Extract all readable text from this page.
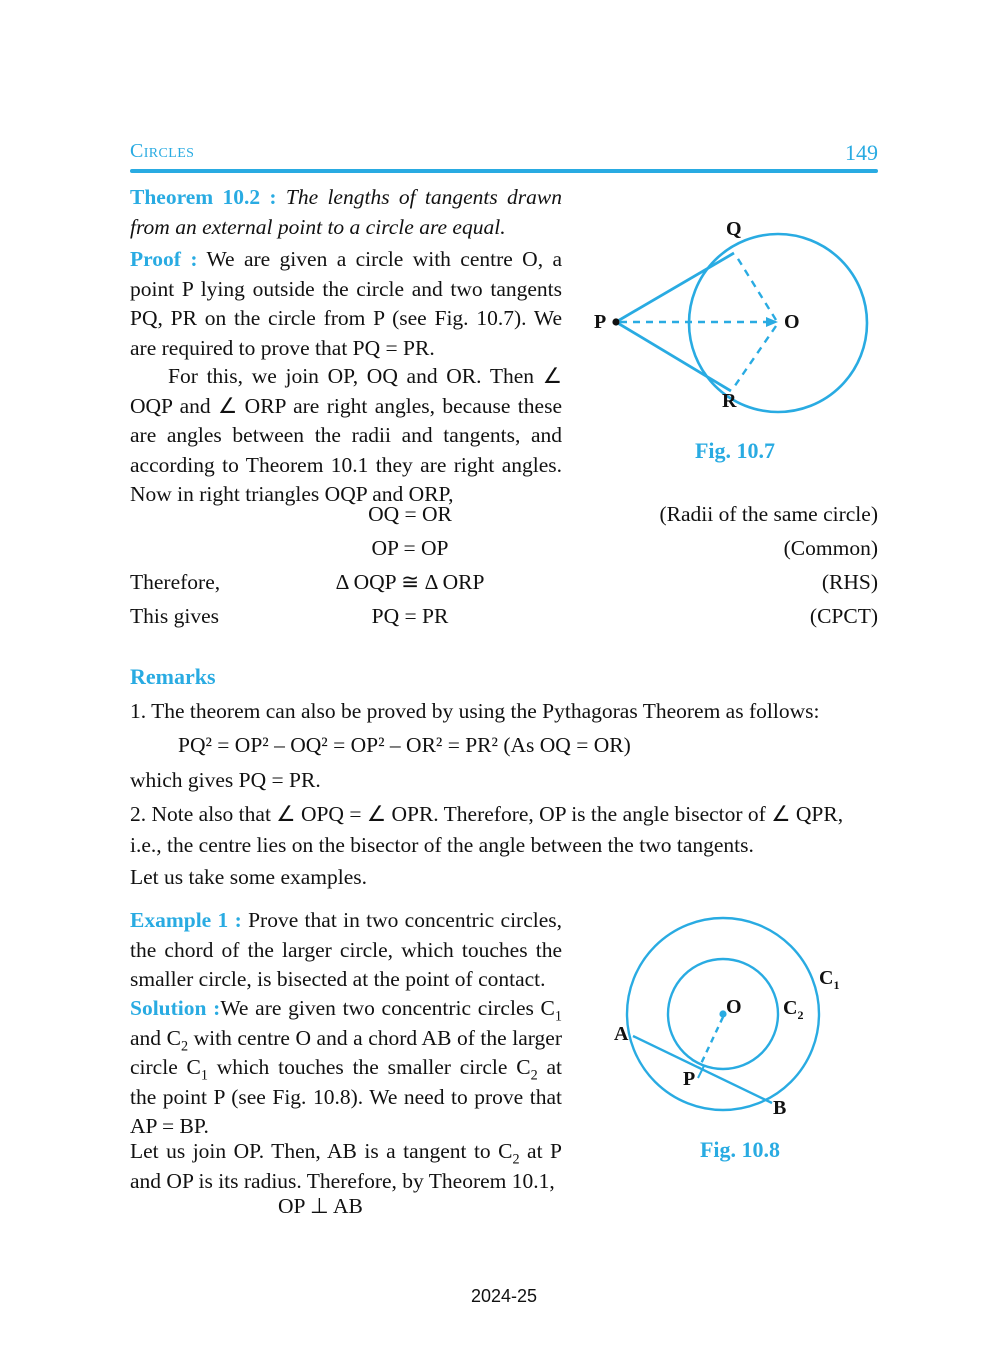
Circles	149
Theorem 10.2 : The lengths of tangents drawn from an external point to a circle are equal.
Proof : We are given a circle with centre O, a point P lying outside the circle and two tangents PQ, PR on the circle from P (see Fig. 10.7). We are required to prove that PQ = PR.
For this, we join OP, OQ and OR. Then ∠ OQP and ∠ ORP are right angles, because these are angles between the radii and tangents, and according to Theorem 10.1 they are right angles. Now in right triangles OQP and ORP,
OQ = OR	(Radii of the same circle)
OP = OP	(Common)
Therefore,	Δ OQP ≅ Δ ORP	(RHS)
This gives	PQ = PR	(CPCT)
Remarks
1. The theorem can also be proved by using the Pythagoras Theorem as follows:
PQ² = OP² – OQ² = OP² – OR² = PR² (As OQ = OR)
which gives PQ = PR.
2. Note also that ∠ OPQ = ∠ OPR. Therefore, OP is the angle bisector of ∠ QPR, i.e., the centre lies on the bisector of the angle between the two tangents.
Let us take some examples.
Example 1 : Prove that in two concentric circles, the chord of the larger circle, which touches the smaller circle, is bisected at the point of contact.
Solution :We are given two concentric circles $C_1$ and $C_2$ with centre O and a chord AB of the larger circle $C_1$ which touches the smaller circle $C_2$ at the point P (see Fig. 10.8). We need to prove that AP = BP.
Let us join OP. Then, AB is a tangent to $C_2$ at P and OP is its radius. Therefore, by Theorem 10.1,
OP ⊥ AB
P
Q
R
O
Fig. 10.7
A
B
P
O
$C_1$
$C_2$
Fig. 10.8
2024-25
